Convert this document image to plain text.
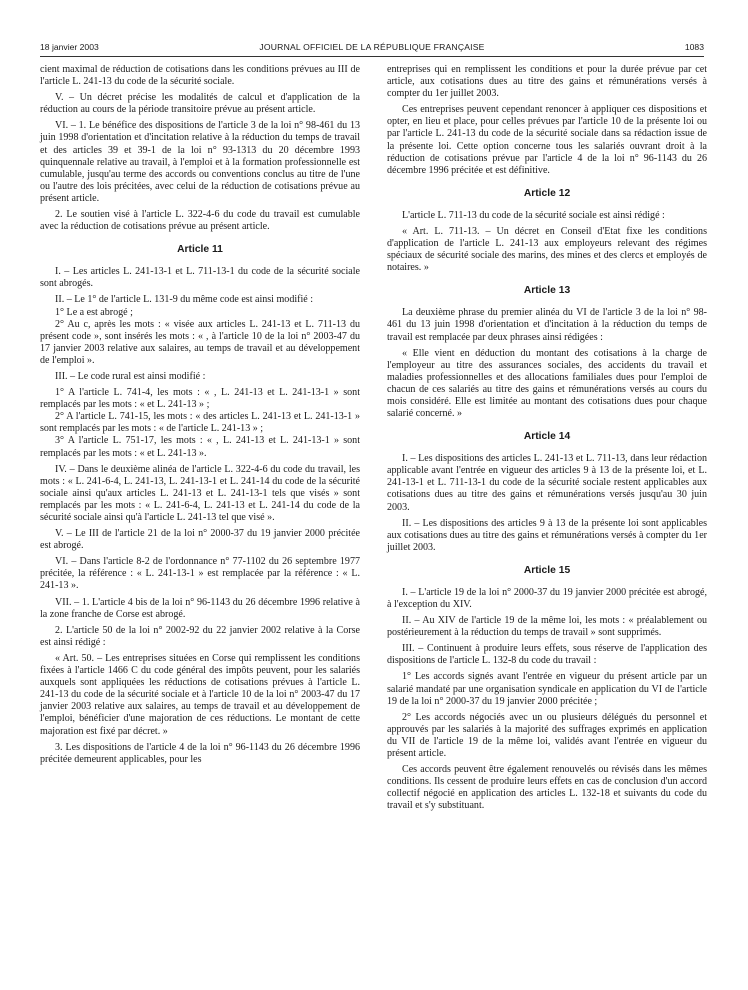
18 janvier 2003	JOURNAL OFFICIEL DE LA RÉPUBLIQUE FRANÇAISE	1083

cient maximal de réduction de cotisations dans les conditions prévues au III de l'article L. 241-13 du code de la sécurité sociale.

V. – Un décret précise les modalités de calcul et d'application de la réduction au cours de la période transitoire prévue au présent article.

VI. – 1. Le bénéfice des dispositions de l'article 3 de la loi n° 98-461 du 13 juin 1998 d'orientation et d'incitation relative à la réduction du temps de travail et des articles 39 et 39-1 de la loi n° 93-1313 du 20 décembre 1993 quinquennale relative au travail, à l'emploi et à la formation professionnelle est cumulable, jusqu'au terme des accords ou conventions conclus au titre de l'une ou l'autre des lois précitées, avec celui de la réduction de cotisations prévue au présent article.

2. Le soutien visé à l'article L. 322-4-6 du code du travail est cumulable avec la réduction de cotisations prévue au présent article.

Article 11

I. – Les articles L. 241-13-1 et L. 711-13-1 du code de la sécurité sociale sont abrogés.

II. – Le 1° de l'article L. 131-9 du même code est ainsi modifié :

1° Le a est abrogé ;

2° Au c, après les mots : « visée aux articles L. 241-13 et L. 711-13 du présent code », sont insérés les mots : « , à l'article 10 de la loi n° 2003-47 du 17 janvier 2003 relative aux salaires, au temps de travail et au développement de l'emploi ».

III. – Le code rural est ainsi modifié :

1° A l'article L. 741-4, les mots : « , L. 241-13 et L. 241-13-1 » sont remplacés par les mots : « et L. 241-13 » ;

2° A l'article L. 741-15, les mots : « des articles L. 241-13 et L. 241-13-1 » sont remplacés par les mots : « de l'article L. 241-13 » ;

3° A l'article L. 751-17, les mots : « , L. 241-13 et L. 241-13-1 » sont remplacés par les mots : « et L. 241-13 ».

IV. – Dans le deuxième alinéa de l'article L. 322-4-6 du code du travail, les mots : « L. 241-6-4, L. 241-13, L. 241-13-1 et L. 241-14 du code de la sécurité sociale ainsi qu'aux articles L. 241-13 et L. 241-13-1 tels que visés » sont remplacés par les mots : « L. 241-6-4, L. 241-13 et L. 241-14 du code de la sécurité sociale ainsi qu'à l'article L. 241-13 tel que visé ».

V. – Le III de l'article 21 de la loi n° 2000-37 du 19 janvier 2000 précitée est abrogé.

VI. – Dans l'article 8-2 de l'ordonnance n° 77-1102 du 26 septembre 1977 précitée, la référence : « L. 241-13-1 » est remplacée par la référence : « L. 241-13 ».

VII. – 1. L'article 4 bis de la loi n° 96-1143 du 26 décembre 1996 relative à la zone franche de Corse est abrogé.

2. L'article 50 de la loi n° 2002-92 du 22 janvier 2002 relative à la Corse est ainsi rédigé :

« Art. 50. – Les entreprises situées en Corse qui remplissent les conditions fixées à l'article 1466 C du code général des impôts peuvent, pour les salariés auxquels sont appliquées les réductions de cotisations prévues à l'article L. 241-13 du code de la sécurité sociale et à l'article 10 de la loi n° 2003-47 du 17 janvier 2003 relative aux salaires, au temps de travail et au développement de l'emploi, bénéficier d'une majoration de ces réductions. Le montant de cette majoration est fixé par décret. »

3. Les dispositions de l'article 4 de la loi n° 96-1143 du 26 décembre 1996 précitée demeurent applicables, pour les

entreprises qui en remplissent les conditions et pour la durée prévue par cet article, aux cotisations dues au titre des gains et rémunérations versés à compter du 1er juillet 2003.

Ces entreprises peuvent cependant renoncer à appliquer ces dispositions et opter, en lieu et place, pour celles prévues par l'article 10 de la présente loi ou par l'article L. 241-13 du code de la sécurité sociale dans sa rédaction issue de la présente loi. Cette option concerne tous les salariés ouvrant droit à la réduction de cotisations prévue par l'article 4 de la loi n° 96-1143 du 26 décembre 1996 précitée et est définitive.

Article 12

L'article L. 711-13 du code de la sécurité sociale est ainsi rédigé :

« Art. L. 711-13. – Un décret en Conseil d'Etat fixe les conditions d'application de l'article L. 241-13 aux employeurs relevant des régimes spéciaux de sécurité sociale des marins, des mines et des clercs et employés de notaires. »

Article 13

La deuxième phrase du premier alinéa du VI de l'article 3 de la loi n° 98-461 du 13 juin 1998 d'orientation et d'incitation à la réduction du temps de travail est remplacée par deux phrases ainsi rédigées :

« Elle vient en déduction du montant des cotisations à la charge de l'employeur au titre des assurances sociales, des accidents du travail et maladies professionnelles et des allocations familiales dues pour l'emploi de chacun de ces salariés au titre des gains et rémunérations versés au cours du mois considéré. Elle est limitée au montant des cotisations dues pour chaque salarié concerné. »

Article 14

I. – Les dispositions des articles L. 241-13 et L. 711-13, dans leur rédaction applicable avant l'entrée en vigueur des articles 9 à 13 de la présente loi, et L. 241-13-1 et L. 711-13-1 du code de la sécurité sociale restent applicables aux cotisations dues au titre des gains et rémunérations versés jusqu'au 30 juin 2003.

II. – Les dispositions des articles 9 à 13 de la présente loi sont applicables aux cotisations dues au titre des gains et rémunérations versés à compter du 1er juillet 2003.

Article 15

I. – L'article 19 de la loi n° 2000-37 du 19 janvier 2000 précitée est abrogé, à l'exception du XIV.

II. – Au XIV de l'article 19 de la même loi, les mots : « préalablement ou postérieurement à la réduction du temps de travail » sont supprimés.

III. – Continuent à produire leurs effets, sous réserve de l'application des dispositions de l'article L. 132-8 du code du travail :

1° Les accords signés avant l'entrée en vigueur du présent article par un salarié mandaté par une organisation syndicale en application du VI de l'article 19 de la loi n° 2000-37 du 19 janvier 2000 précitée ;

2° Les accords négociés avec un ou plusieurs délégués du personnel et approuvés par les salariés à la majorité des suffrages exprimés en application du VII de l'article 19 de la même loi, validés avant l'entrée en vigueur du présent article.

Ces accords peuvent être également renouvelés ou révisés dans les mêmes conditions. Ils cessent de produire leurs effets en cas de conclusion d'un accord collectif négocié en application des articles L. 132-18 et suivants du code du travail et s'y substituant.
